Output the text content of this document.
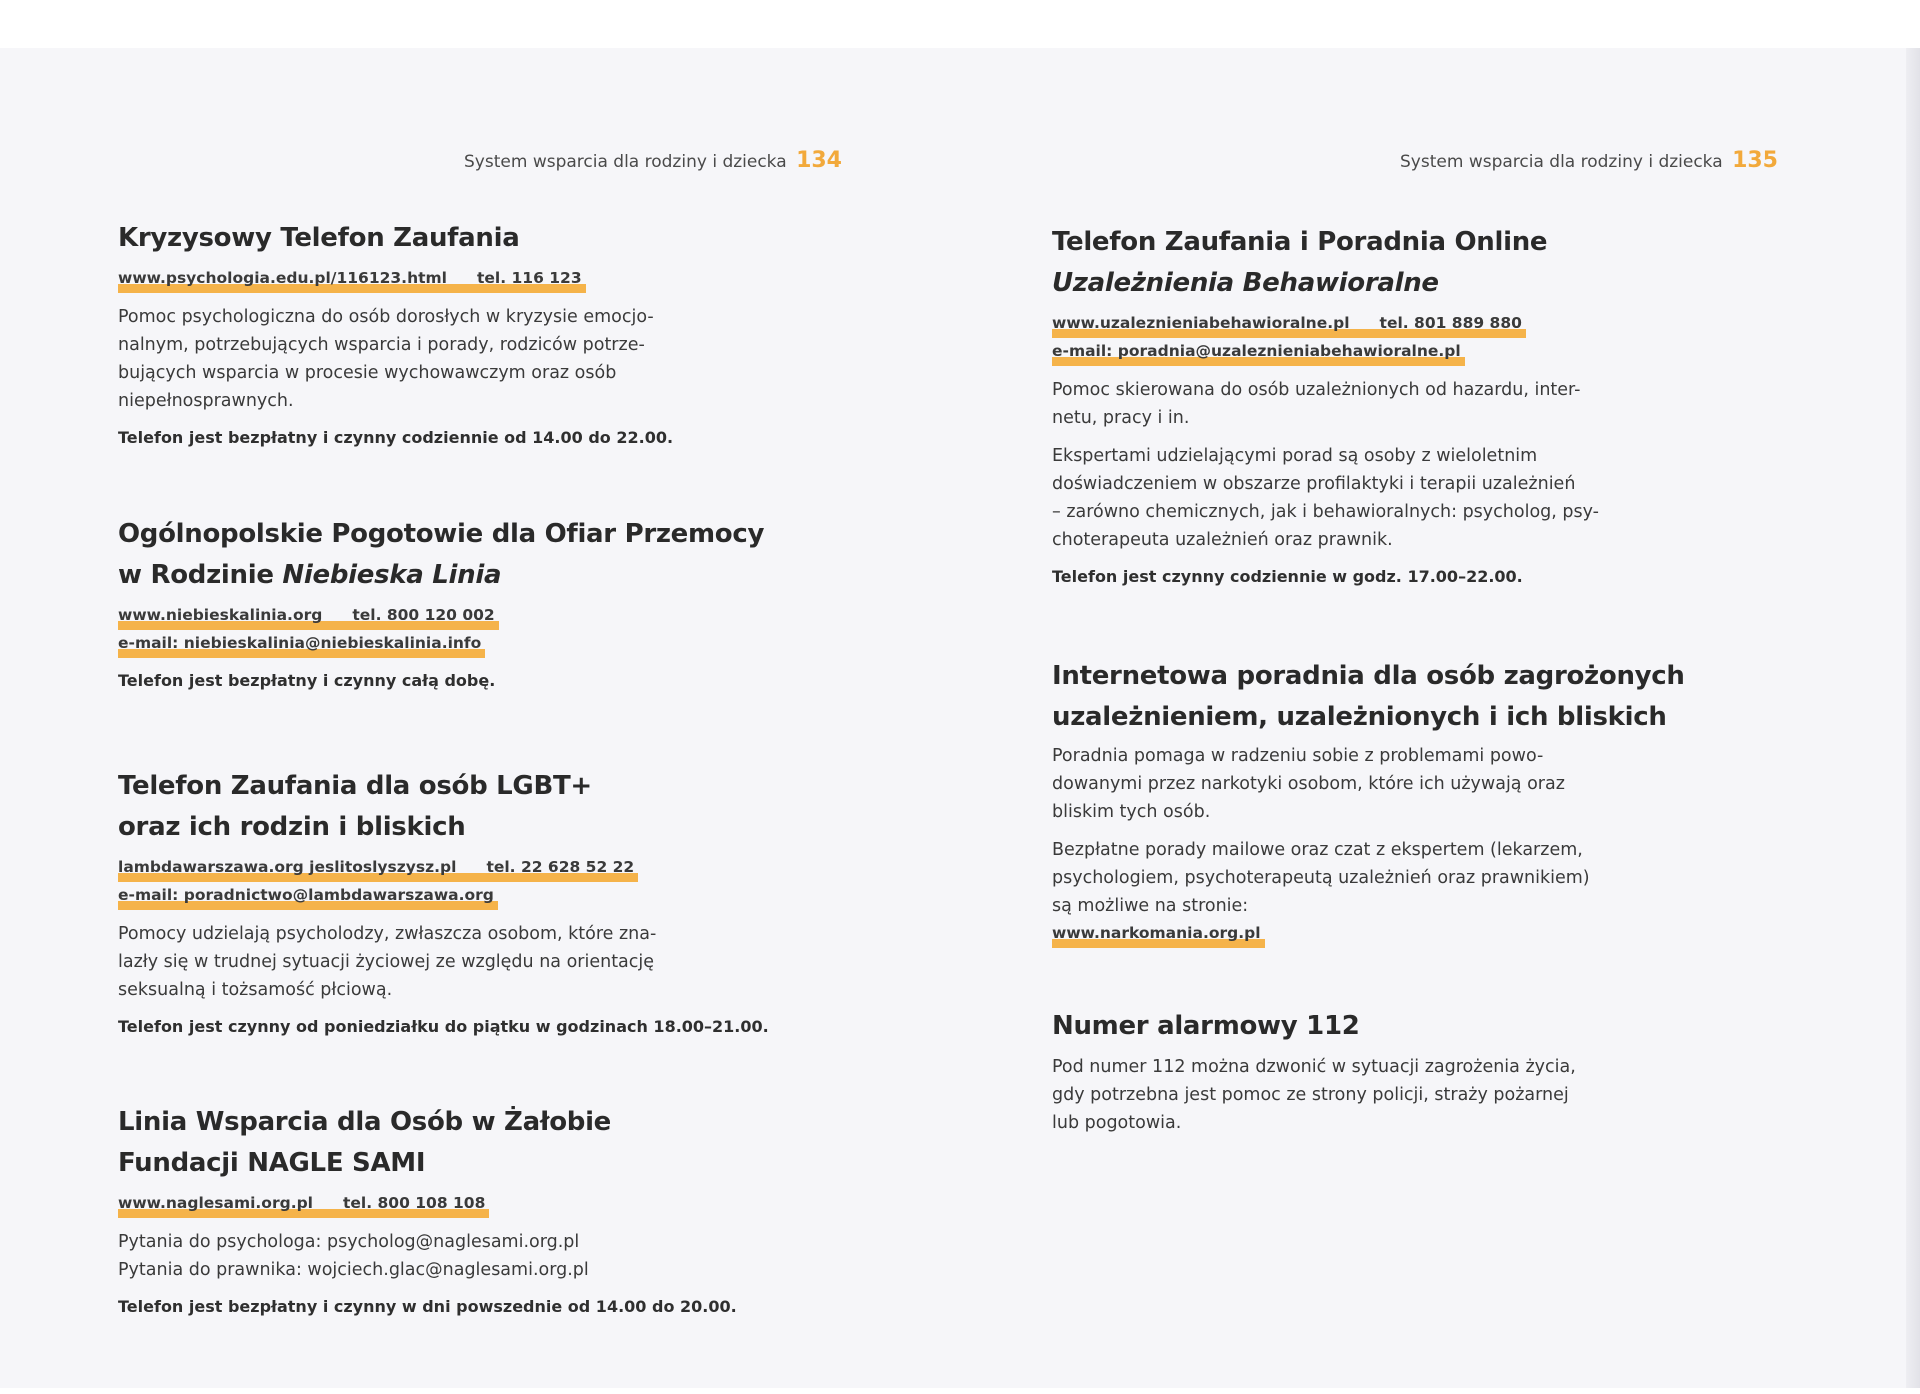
System wsparcia dla rodziny i dziecka 134	System wsparcia dla rodziny i dziecka 135
Kryzysowy Telefon Zaufania
www.psychologia.edu.pl/116123.html tel. 116 123
Pomoc psychologiczna do osób dorosłych w kryzysie emocjo-
nalnym, potrzebujących wsparcia i porady, rodziców potrze-
bujących wsparcia w procesie wychowawczym oraz osób
niepełnosprawnych.
Telefon jest bezpłatny i czynny codziennie od 14.00 do 22.00.
Ogólnopolskie Pogotowie dla Ofiar Przemocy
w Rodzinie Niebieska Linia
www.niebieskalinia.org tel. 800 120 002
e-mail: niebieskalinia@niebieskalinia.info
Telefon jest bezpłatny i czynny całą dobę.
Telefon Zaufania dla osób LGBT+
oraz ich rodzin i bliskich
lambdawarszawa.org jeslitoslyszysz.pl tel. 22 628 52 22
e-mail: poradnictwo@lambdawarszawa.org
Pomocy udzielają psycholodzy, zwłaszcza osobom, które zna-
lazły się w trudnej sytuacji życiowej ze względu na orientację
seksualną i tożsamość płciową.
Telefon jest czynny od poniedziałku do piątku w godzinach 18.00–21.00.
Linia Wsparcia dla Osób w Żałobie
Fundacji NAGLE SAMI
www.naglesami.org.pl tel. 800 108 108
Pytania do psychologa: psycholog@naglesami.org.pl
Pytania do prawnika: wojciech.glac@naglesami.org.pl
Telefon jest bezpłatny i czynny w dni powszednie od 14.00 do 20.00.
Telefon Zaufania i Poradnia Online
Uzależnienia Behawioralne
www.uzaleznieniabehawioralne.pl tel. 801 889 880
e-mail: poradnia@uzaleznieniabehawioralne.pl
Pomoc skierowana do osób uzależnionych od hazardu, inter-
netu, pracy i in.
Ekspertami udzielającymi porad są osoby z wieloletnim
doświadczeniem w obszarze profilaktyki i terapii uzależnień
– zarówno chemicznych, jak i behawioralnych: psycholog, psy-
choterapeuta uzależnień oraz prawnik.
Telefon jest czynny codziennie w godz. 17.00–22.00.
Internetowa poradnia dla osób zagrożonych
uzależnieniem, uzależnionych i ich bliskich
Poradnia pomaga w radzeniu sobie z problemami powo-
dowanymi przez narkotyki osobom, które ich używają oraz
bliskim tych osób.
Bezpłatne porady mailowe oraz czat z ekspertem (lekarzem,
psychologiem, psychoterapeutą uzależnień oraz prawnikiem)
są możliwe na stronie:
www.narkomania.org.pl
Numer alarmowy 112
Pod numer 112 można dzwonić w sytuacji zagrożenia życia,
gdy potrzebna jest pomoc ze strony policji, straży pożarnej
lub pogotowia.
